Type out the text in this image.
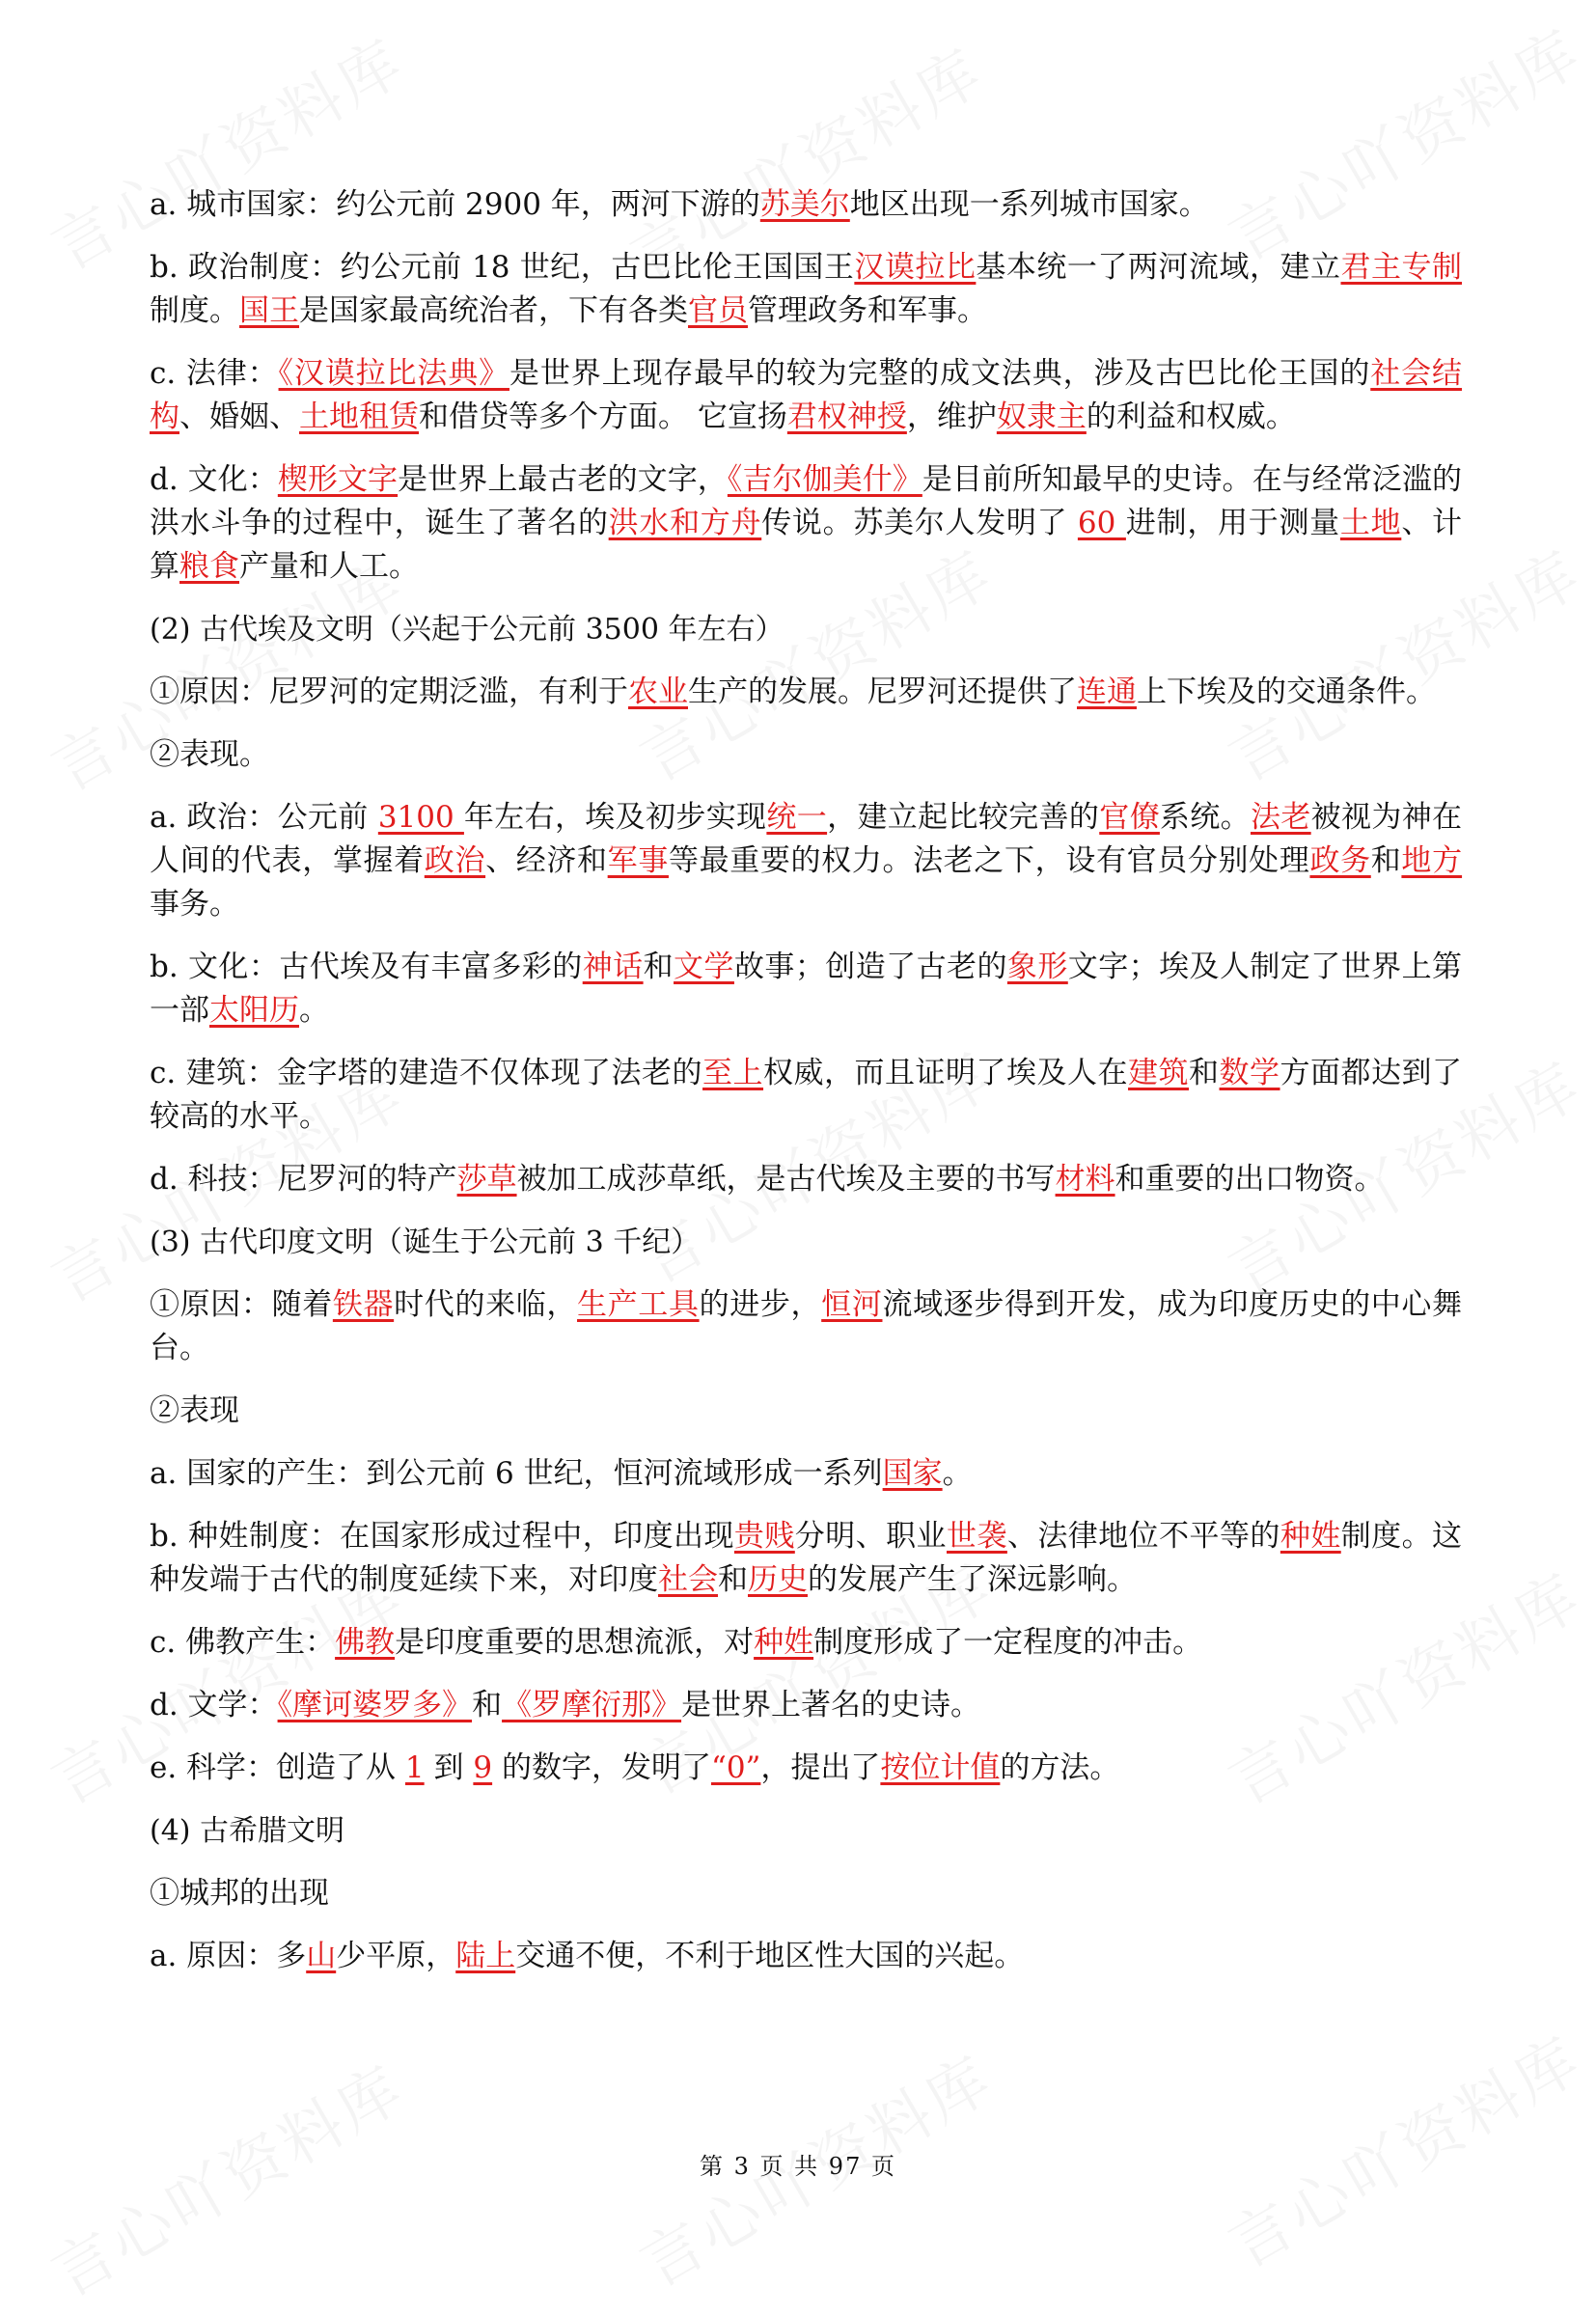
a. 城市国家：约公元前 2900 年，两河下游的苏美尔地区出现一系列城市国家。

b. 政治制度：约公元前 18 世纪，古巴比伦王国国王汉谟拉比基本统一了两河流域，建立君主专制制度。国王是国家最高统治者，下有各类官员管理政务和军事。

c. 法律：《汉谟拉比法典》是世界上现存最早的较为完整的成文法典，涉及古巴比伦王国的社会结构、婚姻、土地租赁和借贷等多个方面。 它宣扬君权神授，维护奴隶主的利益和权威。

d. 文化：楔形文字是世界上最古老的文字，《吉尔伽美什》是目前所知最早的史诗。在与经常泛滥的洪水斗争的过程中，诞生了著名的洪水和方舟传说。苏美尔人发明了 60 进制，用于测量土地、计算粮食产量和人工。

(2) 古代埃及文明（兴起于公元前 3500 年左右）

①原因：尼罗河的定期泛滥，有利于农业生产的发展。尼罗河还提供了连通上下埃及的交通条件。

②表现。

a. 政治：公元前 3100 年左右，埃及初步实现统一，建立起比较完善的官僚系统。法老被视为神在人间的代表，掌握着政治、经济和军事等最重要的权力。法老之下，设有官员分别处理政务和地方事务。

b. 文化：古代埃及有丰富多彩的神话和文学故事；创造了古老的象形文字；埃及人制定了世界上第一部太阳历。

c. 建筑：金字塔的建造不仅体现了法老的至上权威，而且证明了埃及人在建筑和数学方面都达到了较高的水平。

d. 科技：尼罗河的特产莎草被加工成莎草纸，是古代埃及主要的书写材料和重要的出口物资。

(3) 古代印度文明（诞生于公元前 3 千纪）

①原因：随着铁器时代的来临，生产工具的进步，恒河流域逐步得到开发，成为印度历史的中心舞台。

②表现

a. 国家的产生：到公元前 6 世纪，恒河流域形成一系列国家。

b. 种姓制度：在国家形成过程中，印度出现贵贱分明、职业世袭、法律地位不平等的种姓制度。这种发端于古代的制度延续下来，对印度社会和历史的发展产生了深远影响。

c. 佛教产生：佛教是印度重要的思想流派，对种姓制度形成了一定程度的冲击。

d. 文学：《摩诃婆罗多》和《罗摩衍那》是世界上著名的史诗。

e. 科学：创造了从 1 到 9 的数字，发明了“0”，提出了按位计值的方法。

(4) 古希腊文明

①城邦的出现

a. 原因：多山少平原，陆上交通不便，不利于地区性大国的兴起。

第 3 页 共 97 页
